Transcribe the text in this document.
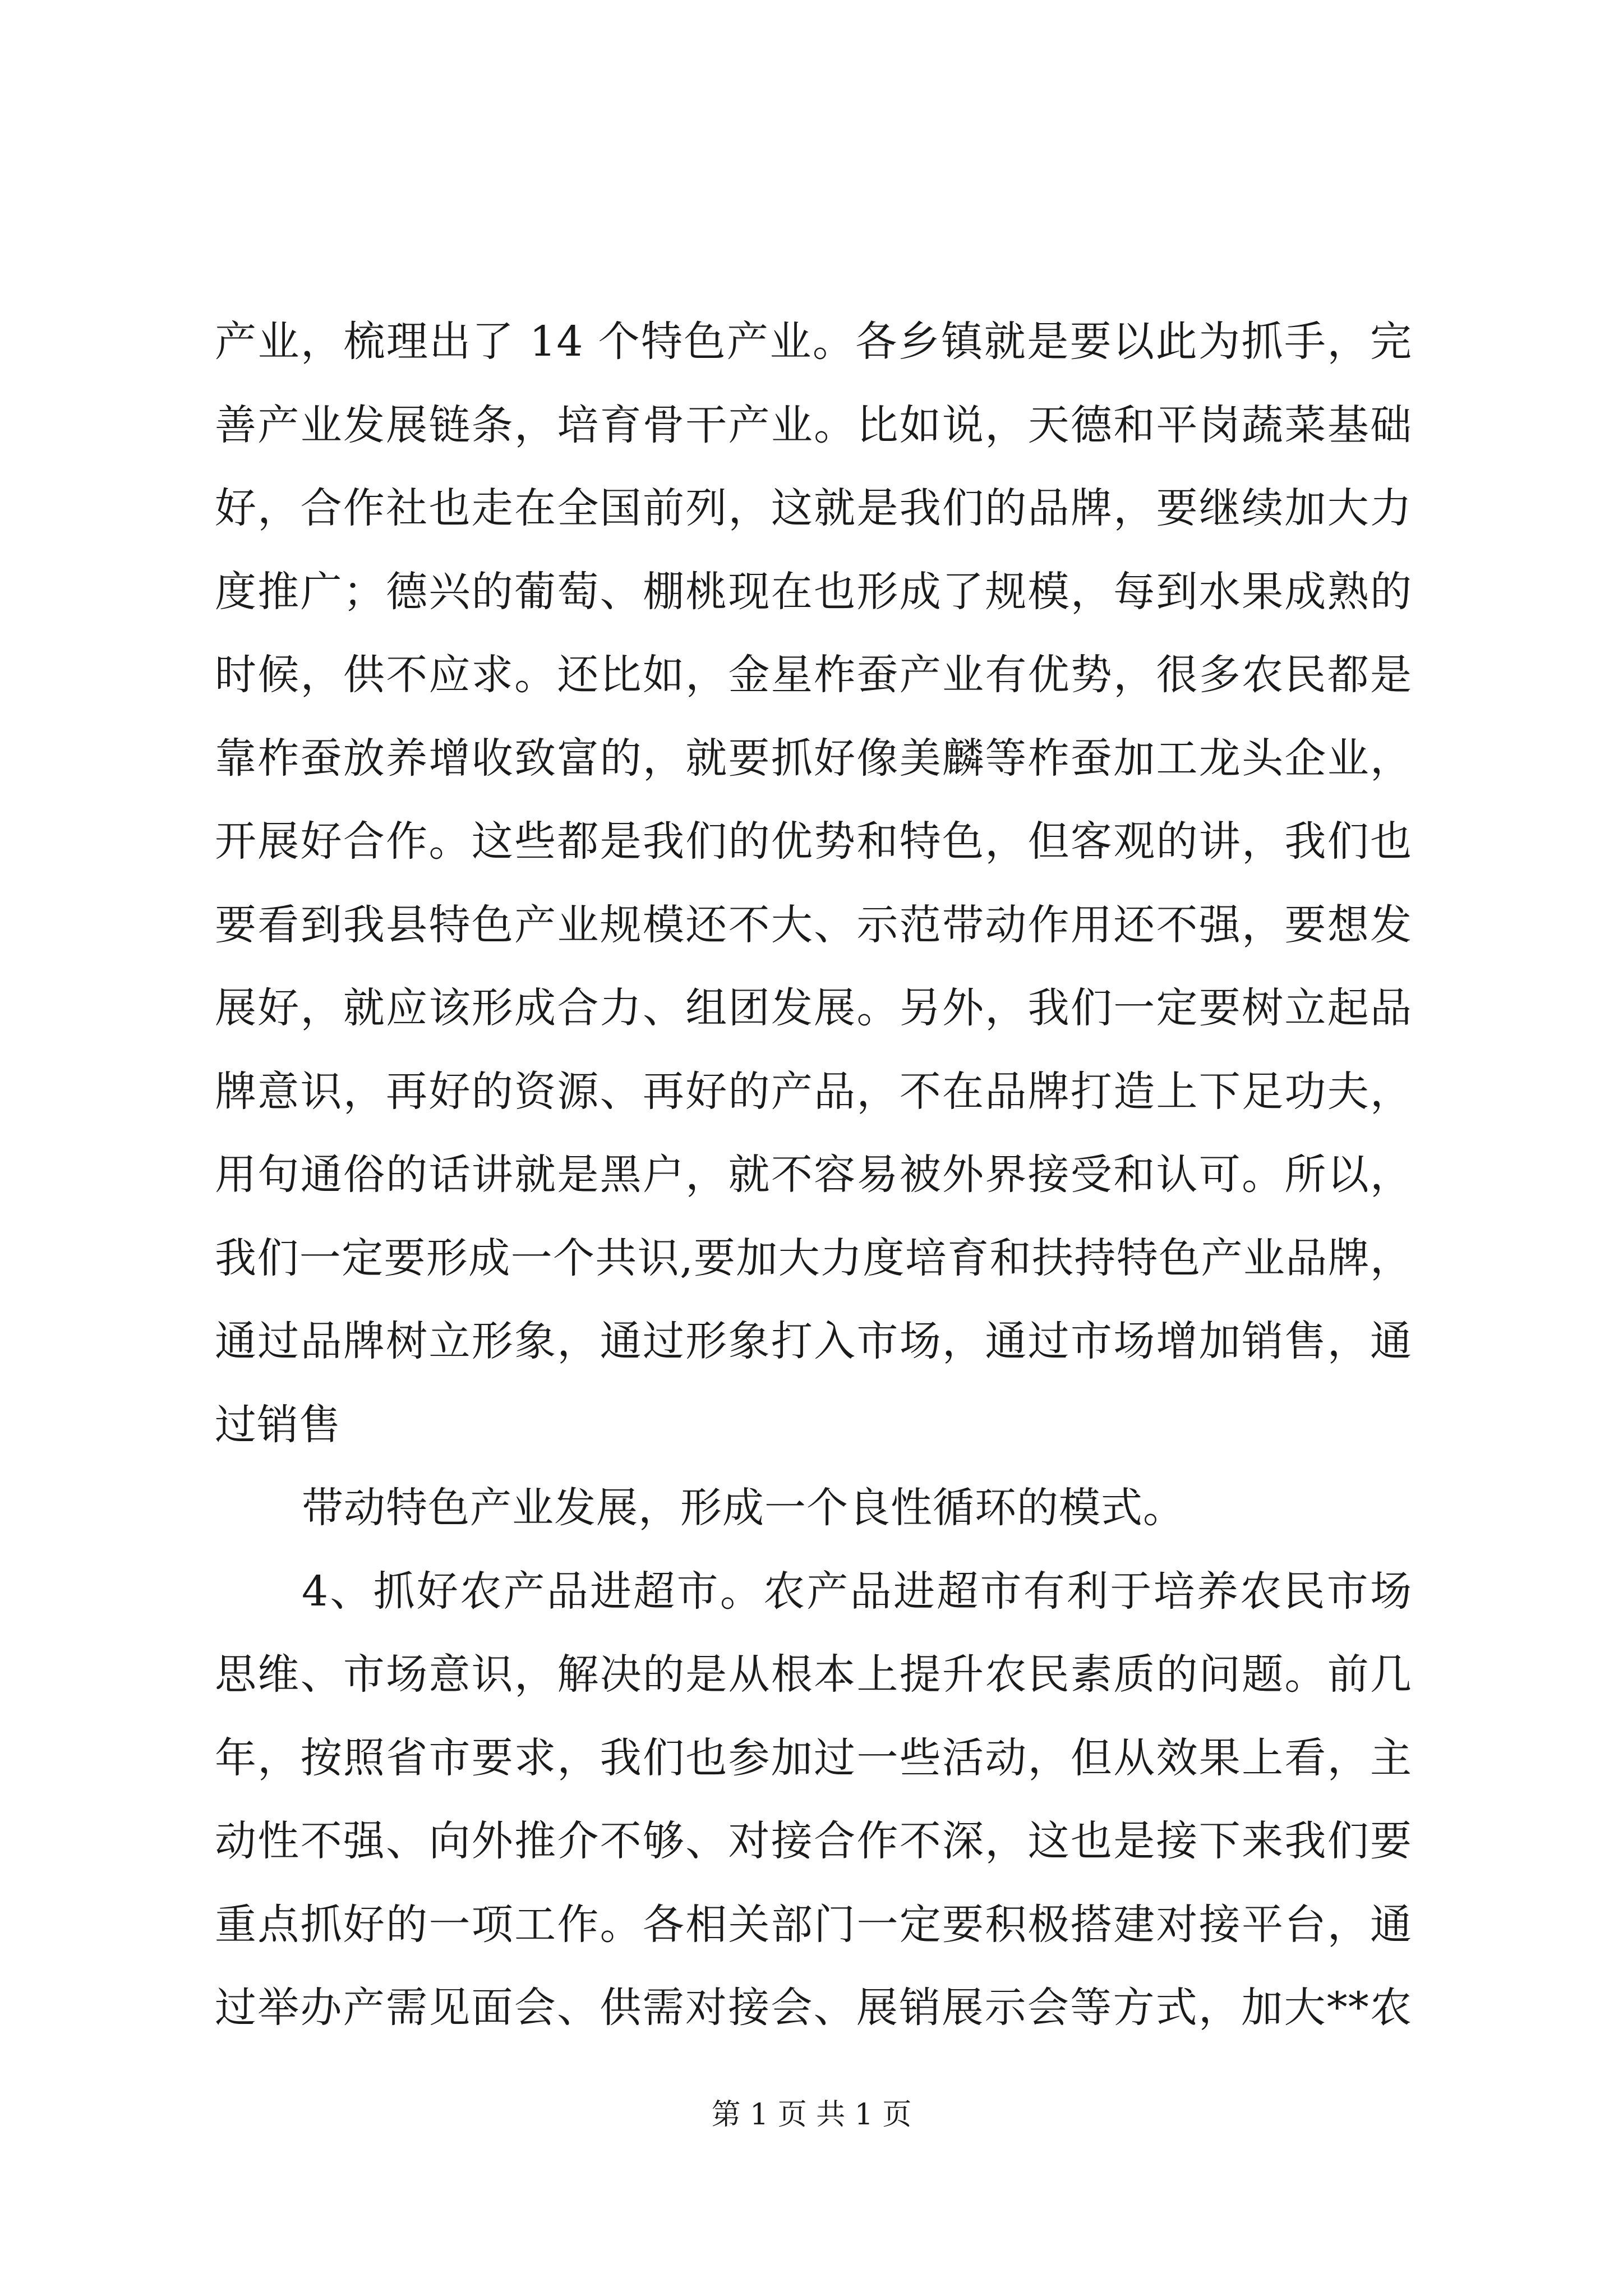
产业，梳理出了 14 个特色产业。各乡镇就是要以此为抓手，完
善产业发展链条，培育骨干产业。比如说，天德和平岗蔬菜基础
好，合作社也走在全国前列，这就是我们的品牌，要继续加大力
度推广；德兴的葡萄、棚桃现在也形成了规模，每到水果成熟的
时候，供不应求。还比如，金星柞蚕产业有优势，很多农民都是
靠柞蚕放养增收致富的，就要抓好像美麟等柞蚕加工龙头企业，
开展好合作。这些都是我们的优势和特色，但客观的讲，我们也
要看到我县特色产业规模还不大、示范带动作用还不强，要想发
展好，就应该形成合力、组团发展。另外，我们一定要树立起品
牌意识，再好的资源、再好的产品，不在品牌打造上下足功夫，
用句通俗的话讲就是黑户，就不容易被外界接受和认可。所以，
我们一定要形成一个共识,要加大力度培育和扶持特色产业品牌，
通过品牌树立形象，通过形象打入市场，通过市场增加销售，通
过销售
带动特色产业发展，形成一个良性循环的模式。
4、抓好农产品进超市。农产品进超市有利于培养农民市场
思维、市场意识，解决的是从根本上提升农民素质的问题。前几
年，按照省市要求，我们也参加过一些活动，但从效果上看，主
动性不强、向外推介不够、对接合作不深，这也是接下来我们要
重点抓好的一项工作。各相关部门一定要积极搭建对接平台，通
过举办产需见面会、供需对接会、展销展示会等方式，加大**农
第 1 页 共 1 页
